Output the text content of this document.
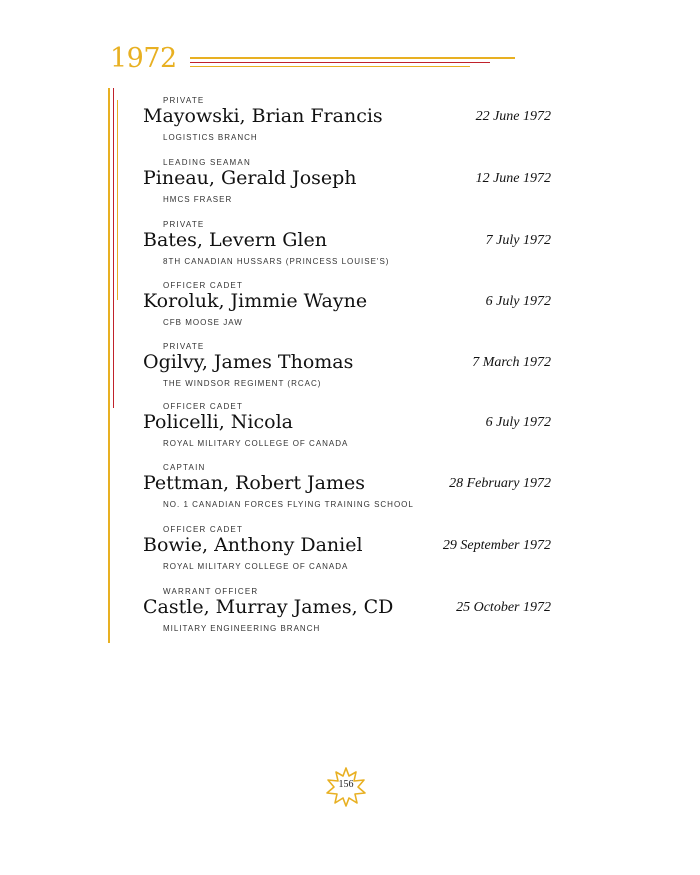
1972
PRIVATE
Mayowski, Brian Francis
LOGISTICS BRANCH
22 June 1972
LEADING SEAMAN
Pineau, Gerald Joseph
HMCS FRASER
12 June 1972
PRIVATE
Bates, Levern Glen
8TH CANADIAN HUSSARS (PRINCESS LOUISE'S)
7 July 1972
OFFICER CADET
Koroluk, Jimmie Wayne
CFB MOOSE JAW
6 July 1972
PRIVATE
Ogilvy, James Thomas
THE WINDSOR REGIMENT (RCAC)
7 March 1972
OFFICER CADET
Policelli, Nicola
ROYAL MILITARY COLLEGE OF CANADA
6 July 1972
CAPTAIN
Pettman, Robert James
NO. 1 CANADIAN FORCES FLYING TRAINING SCHOOL
28 February 1972
OFFICER CADET
Bowie, Anthony Daniel
ROYAL MILITARY COLLEGE OF CANADA
29 September 1972
WARRANT OFFICER
Castle, Murray James, CD
MILITARY ENGINEERING BRANCH
25 October 1972
156
